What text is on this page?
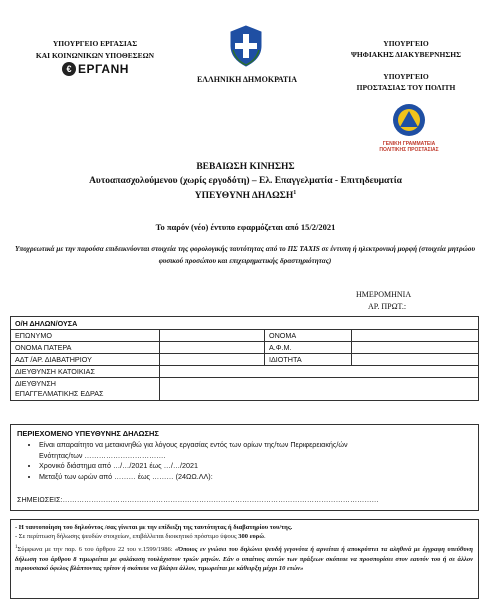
ΥΠΟΥΡΓΕΙΟ ΕΡΓΑΣΙΑΣ
ΚΑΙ ΚΟΙΝΩΝΙΚΩΝ ΥΠΟΘΕΣΕΩΝ
€ ΕΡΓΑΝΗ
ΕΛΛΗΝΙΚΗ ΔΗΜΟΚΡΑΤΙΑ
ΥΠΟΥΡΓΕΙΟ
ΨΗΦΙΑΚΗΣ ΔΙΑΚΥΒΕΡΝΗΣΗΣ
ΥΠΟΥΡΓΕΙΟ
ΠΡΟΣΤΑΣΙΑΣ ΤΟΥ ΠΟΛΙΤΗ
ΓΕΝΙΚΗ ΓΡΑΜΜΑΤΕΙΑ
ΠΟΛΙΤΙΚΗΣ ΠΡΟΣΤΑΣΙΑΣ
ΒΕΒΑΙΩΣΗ ΚΙΝΗΣΗΣ
Αυτοαπασχολούμενου (χωρίς εργοδότη) – Ελ. Επαγγελματία - Επιτηδευματία
ΥΠΕΥΘΥΝΗ ΔΗΛΩΣΗ$^1$
Το παρόν (νέο) έντυπο εφαρμόζεται από 15/2/2021
Υποχρεωτικά με την παρούσα επιδεικνύονται στοιχεία της φορολογικής ταυτότητας από το ΠΣ TAXIS σε έντυπη ή ηλεκτρονική μορφή (στοιχεία μητρώου φυσικού προσώπου και επιχειρηματικής δραστηριότητας)
ΗΜΕΡΟΜΗΝΙΑ
ΑΡ. ΠΡΩΤ.:
Ο/Η ΔΗΛΩΝ/ΟΥΣΑ			
ΕΠΩΝΥΜΟ		ΟΝΟΜΑ	
ΟΝΟΜΑ ΠΑΤΕΡΑ		Α.Φ.Μ.	
ΑΔΤ /ΑΡ. ΔΙΑΒΑΤΗΡΙΟΥ		ΙΔΙΟΤΗΤΑ	
ΔΙΕΥΘΥΝΣΗ ΚΑΤΟΙΚΙΑΣ			

ΔΙΕΥΘΥΝΣΗ
ΕΠΑΓΓΕΛΜΑΤΙΚΗΣ ΕΔΡΑΣ			

ΠΕΡΙΕΧΟΜΕΝΟ ΥΠΕΥΘΥΝΗΣ ΔΗΛΩΣΗΣ
• Είναι απαραίτητο να μετακινηθώ για λόγους εργασίας εντός των ορίων της/των Περιφερειακής/ών
Ενότητας/των …………………………….
• Χρονικό διάστημα από …/…/2021 έως …/…/2021
• Μεταξύ των ωρών από ……… έως ……… (24ΩΩ.ΛΛ):
ΣΗΜΕΙΩΣΕΙΣ:……………………………………………………………………………………………………………………
- Η ταυτοποίηση του δηλούντος /σας γίνεται με την επίδειξη της ταυτότητας ή διαβατηρίου του/της.
- Σε περίπτωση δήλωσης ψευδών στοιχείων, επιβάλλεται διοικητικό πρόστιμο ύψους 300 ευρώ.
$^1$Σύμφωνα με την παρ. 6 του άρθρου 22 του ν.1599/1986: «Όποιος εν γνώσει του δηλώνει ψευδή γεγονότα ή αρνείται ή αποκρύπτει τα αληθινά με έγγραφη υπεύθυνη δήλωση του άρθρου 8 τιμωρείται με φυλάκιση τουλάχιστον τριών μηνών. Εάν ο υπαίτιος αυτών των πράξεων σκόπευε να προσπορίσει στον εαυτόν του ή σε άλλον περιουσιακό όφελος βλάπτοντας τρίτον ή σκόπευε να βλάψει άλλον, τιμωρείται με κάθειρξη μέχρι 10 ετών»
